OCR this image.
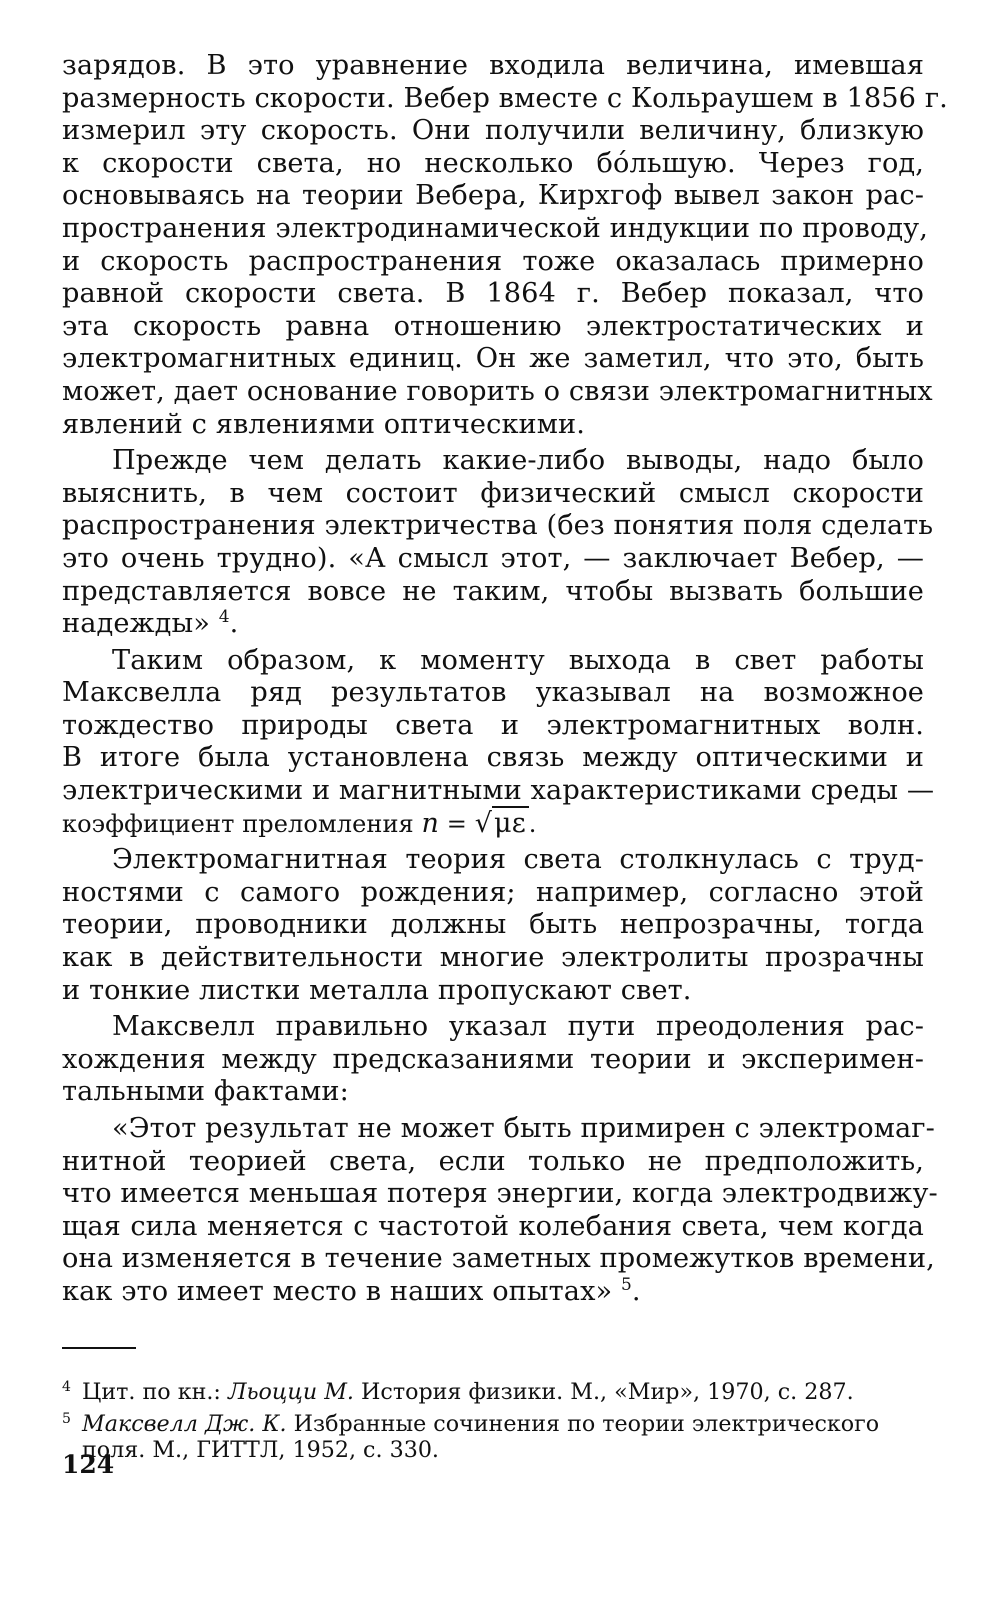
зарядов. В это уравнение входила величина, имевшая
размерность скорости. Вебер вместе с Кольраушем в 1856 г.
измерил эту скорость. Они получили величину, близкую
к скорости света, но несколько бо́льшую. Через год,
основываясь на теории Вебера, Кирхгоф вывел закон рас-
пространения электродинамической индукции по проводу,
и скорость распространения тоже оказалась примерно
равной скорости света. В 1864 г. Вебер показал, что
эта скорость равна отношению электростатических и
электромагнитных единиц. Он же заметил, что это, быть
может, дает основание говорить о связи электромагнитных
явлений с явлениями оптическими.

Прежде чем делать какие-либо выводы, надо было
выяснить, в чем состоит физический смысл скорости
распространения электричества (без понятия поля сделать
это очень трудно). «А смысл этот, — заключает Вебер, —
представляется вовсе не таким, чтобы вызвать большие
надежды» $^4$.

Таким образом, к моменту выхода в свет работы
Максвелла ряд результатов указывал на возможное
тождество природы света и электромагнитных волн.
В итоге была установлена связь между оптическими и
электрическими и магнитными характеристиками среды —
коэффициент преломления n = √με .

Электромагнитная теория света столкнулась с труд-
ностями с самого рождения; например, согласно этой
теории, проводники должны быть непрозрачны, тогда
как в действительности многие электролиты прозрачны
и тонкие листки металла пропускают свет.

Максвелл правильно указал пути преодоления рас-
хождения между предсказаниями теории и эксперимен-
тальными фактами:

«Этот результат не может быть примирен с электромаг-
нитной теорией света, если только не предположить,
что имеется меньшая потеря энергии, когда электродвижу-
щая сила меняется с частотой колебания света, чем когда
она изменяется в течение заметных промежутков времени,
как это имеет место в наших опытах» $^5$.

4 Цит. по кн.: Льоцци М. История физики. М., «Мир», 1970, с. 287.

5 Максвелл Дж. К. Избранные сочинения по теории электрического
поля. М., ГИТТЛ, 1952, с. 330.

124
